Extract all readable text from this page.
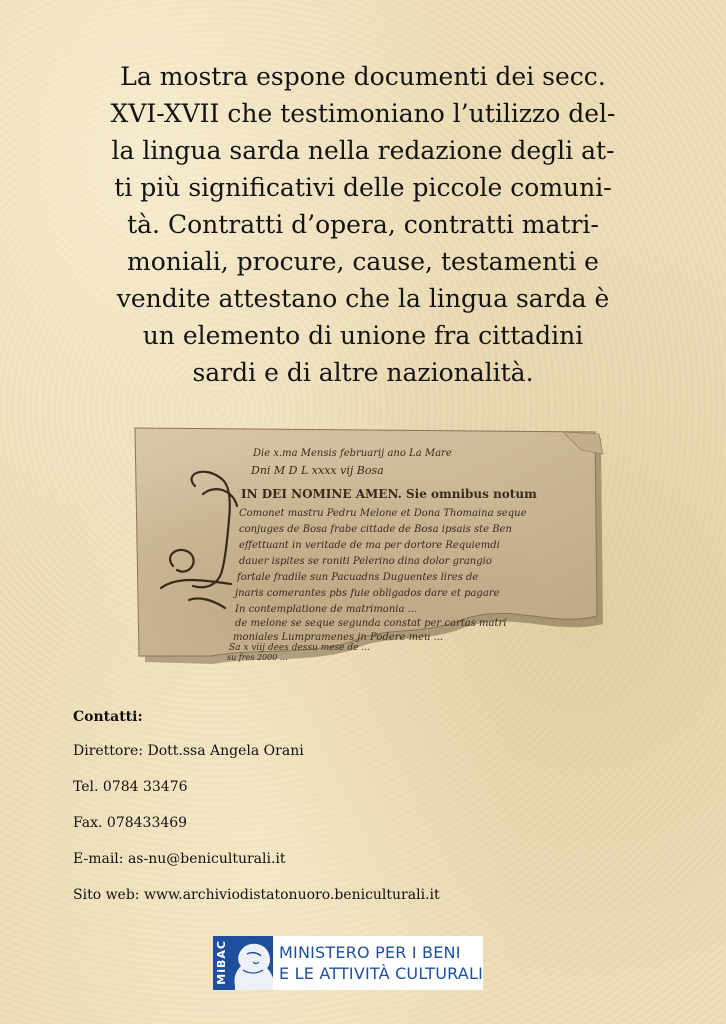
La mostra espone documenti dei secc.
XVI-XVII che testimoniano l’utilizzo del-
la lingua sarda nella redazione degli at-
ti più significativi delle piccole comuni-
tà. Contratti d’opera, contratti matri-
moniali, procure, cause, testamenti e
vendite attestano che la lingua sarda è
un elemento di unione fra cittadini
sardi e di altre nazionalità.
Die x.ma Mensis februarij ano La Mare
Dni M D L xxxx vij Bosa
IN DEI NOMINE AMEN. Sie omnibus notum
Comonet mastru Pedru Melone et Dona Thomaina seque
conjuges de Bosa frabe cittade de Bosa ipsais ste Ben
effettuant in veritade de ma per dortore Requiemdi
dauer ispites se roniti Pelerino dina dolor grangio
fortale fradile sun Pacuadns Duguentes lires de
jnaris comerantes pbs fuie obligados dare et pagare
In contemplatione de matrimonia ...
de melone se seque segunda constat per cartas matri
moniales Lumpramenes jn Podere meu ...
Sa x viij dees dessu mese de ...
su fres 2000 ...
Contatti:
Direttore: Dott.ssa Angela Orani
Tel. 0784 33476
Fax. 078433469
E-mail: as-nu@beniculturali.it
Sito web: www.archiviodistatonuoro.beniculturali.it
MiBAC	MINISTERO PER I BENI
E LE ATTIVITÀ CULTURALI
